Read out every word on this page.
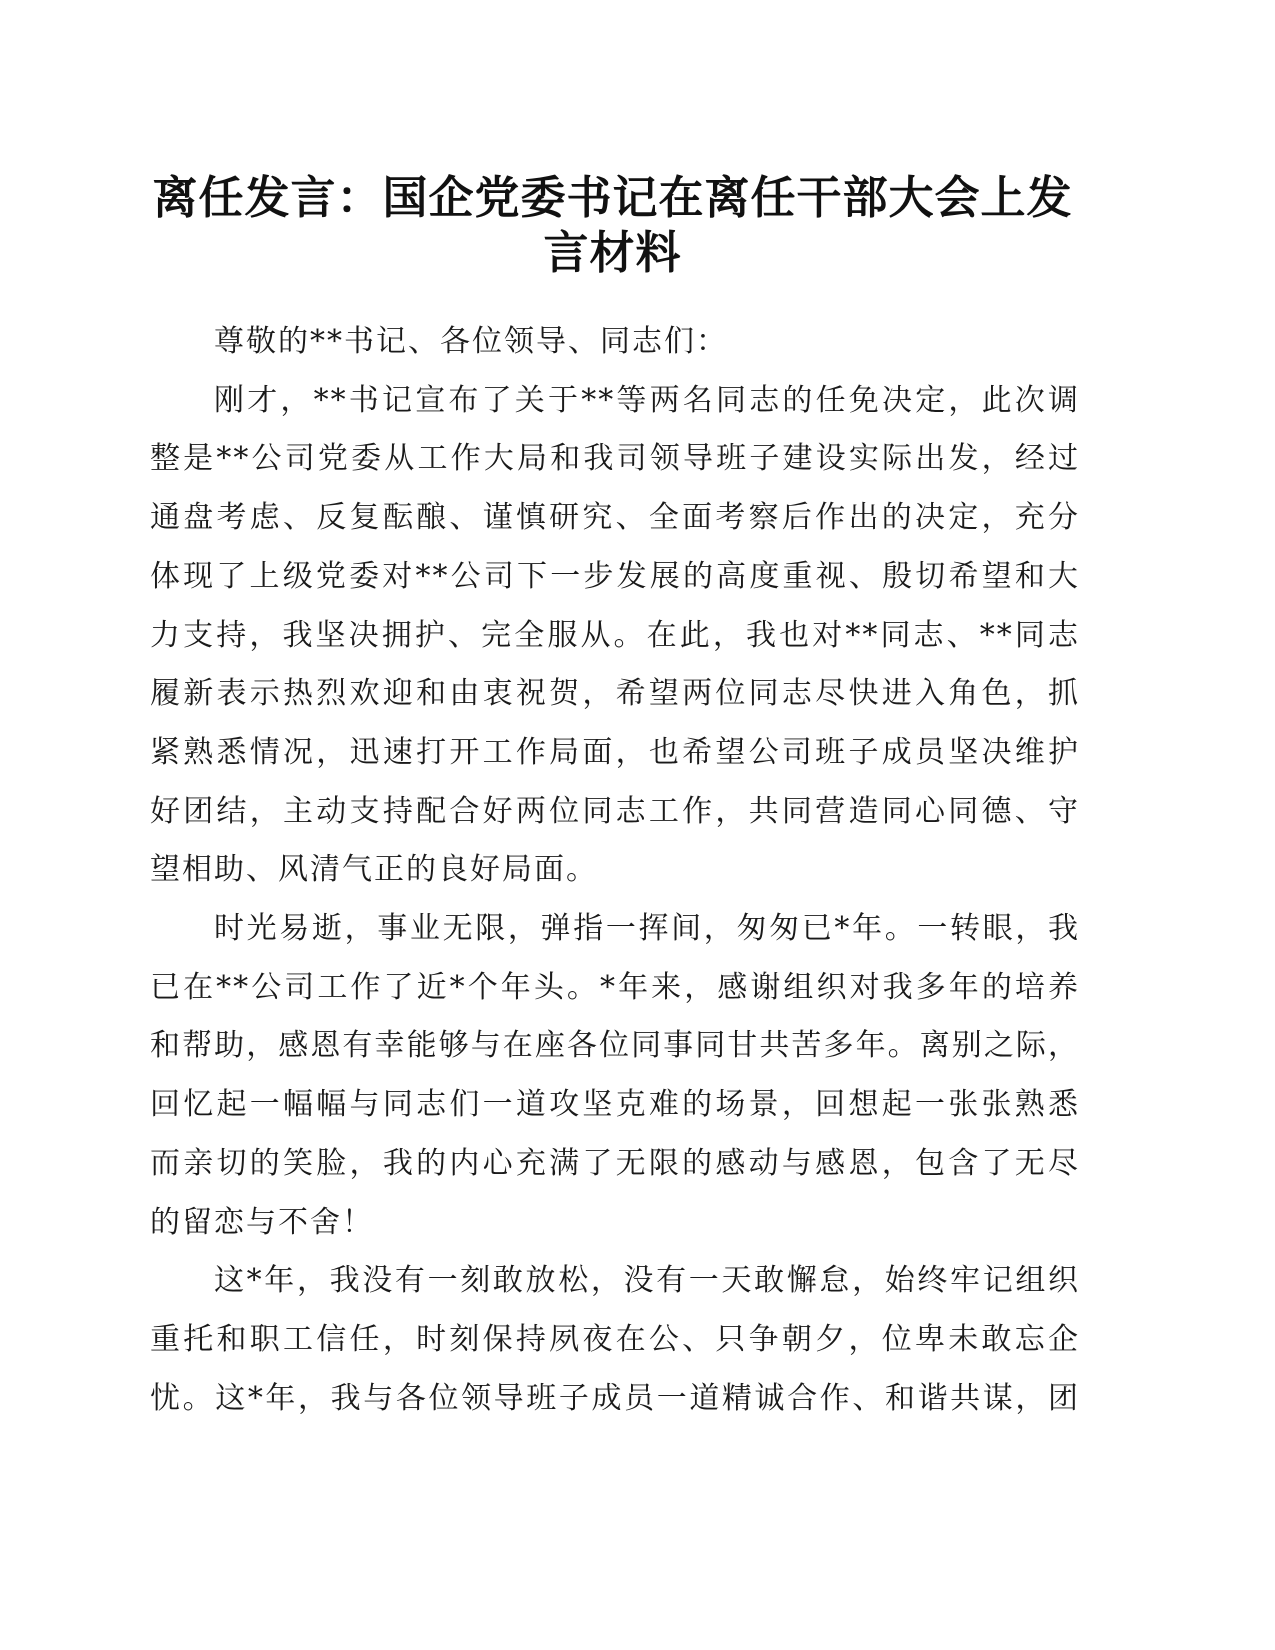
离任发言：国企党委书记在离任干部大会上发
言材料
尊敬的**书记、各位领导、同志们：
刚才，**书记宣布了关于**等两名同志的任免决定，此次调
整是**公司党委从工作大局和我司领导班子建设实际出发，经过
通盘考虑、反复酝酿、谨慎研究、全面考察后作出的决定，充分
体现了上级党委对**公司下一步发展的高度重视、殷切希望和大
力支持，我坚决拥护、完全服从。在此，我也对**同志、**同志
履新表示热烈欢迎和由衷祝贺，希望两位同志尽快进入角色，抓
紧熟悉情况，迅速打开工作局面，也希望公司班子成员坚决维护
好团结，主动支持配合好两位同志工作，共同营造同心同德、守
望相助、风清气正的良好局面。
时光易逝，事业无限，弹指一挥间，匆匆已*年。一转眼，我
已在**公司工作了近*个年头。*年来，感谢组织对我多年的培养
和帮助，感恩有幸能够与在座各位同事同甘共苦多年。离别之际，
回忆起一幅幅与同志们一道攻坚克难的场景，回想起一张张熟悉
而亲切的笑脸，我的内心充满了无限的感动与感恩，包含了无尽
的留恋与不舍！
这*年，我没有一刻敢放松，没有一天敢懈怠，始终牢记组织
重托和职工信任，时刻保持夙夜在公、只争朝夕，位卑未敢忘企
忧。这*年，我与各位领导班子成员一道精诚合作、和谐共谋，团
